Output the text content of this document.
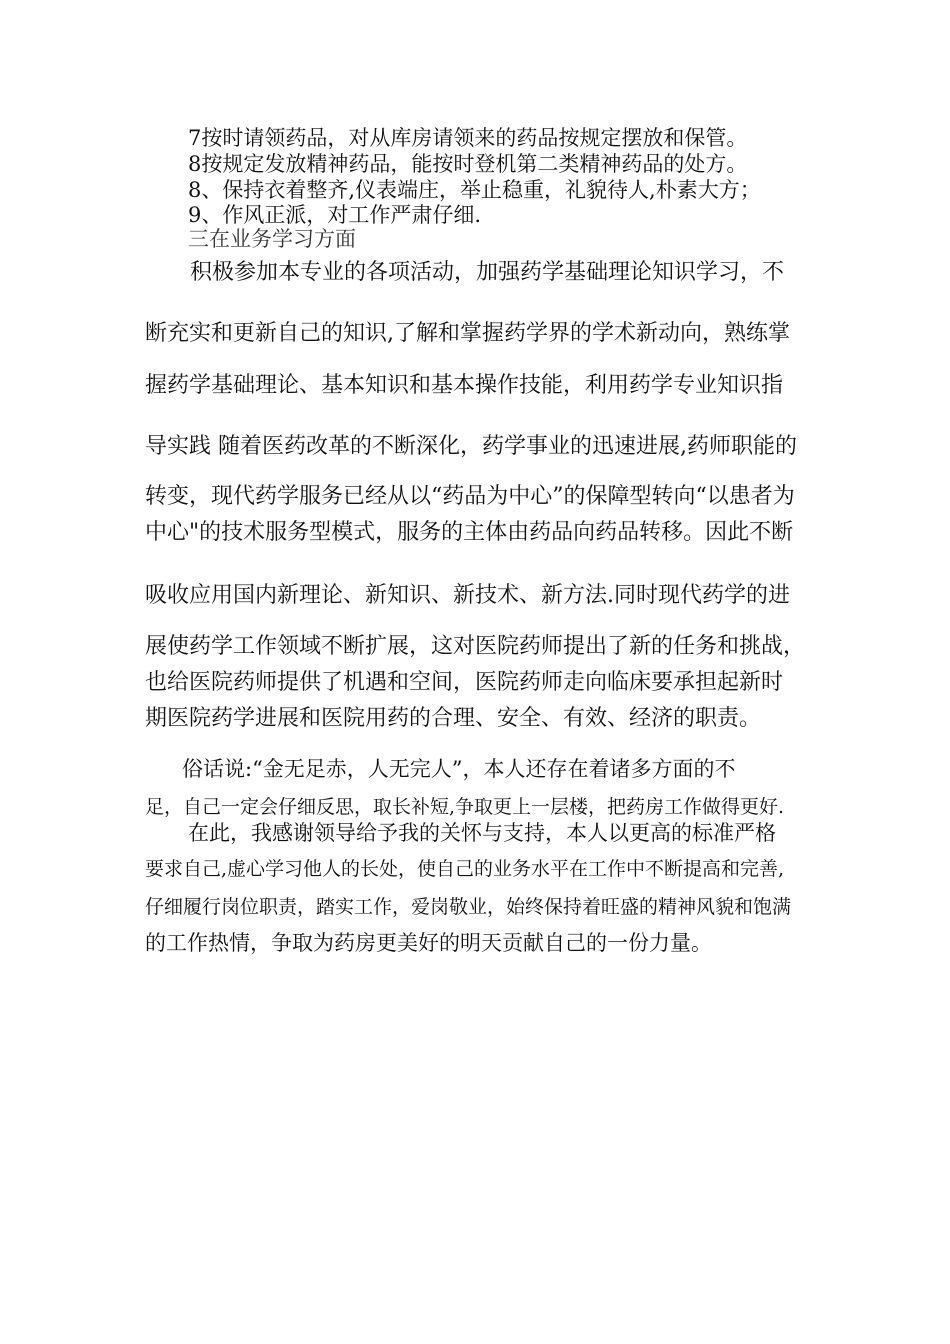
7按时请领药品，对从库房请领来的药品按规定摆放和保管。
8按规定发放精神药品，能按时登机第二类精神药品的处方。
8、保持衣着整齐,仪表端庄，举止稳重，礼貌待人,朴素大方；
9、作风正派，对工作严肃仔细.
三在业务学习方面
积极参加本专业的各项活动，加强药学基础理论知识学习，不
断充实和更新自己的知识,了解和掌握药学界的学术新动向，熟练掌
握药学基础理论、基本知识和基本操作技能，利用药学专业知识指
导实践 随着医药改革的不断深化，药学事业的迅速进展,药师职能的
转变，现代药学服务已经从以“药品为中心”的保障型转向“以患者为
中心"的技术服务型模式，服务的主体由药品向药品转移。因此不断
吸收应用国内新理论、新知识、新技术、新方法.同时现代药学的进
展使药学工作领域不断扩展，这对医院药师提出了新的任务和挑战，
也给医院药师提供了机遇和空间，医院药师走向临床要承担起新时
期医院药学进展和医院用药的合理、安全、有效、经济的职责。
俗话说:“金无足赤，人无完人”，本人还存在着诸多方面的不
足，自己一定会仔细反思，取长补短,争取更上一层楼，把药房工作做得更好.
在此，我感谢领导给予我的关怀与支持，本人以更高的标准严格
要求自己,虚心学习他人的长处，使自己的业务水平在工作中不断提高和完善,
仔细履行岗位职责，踏实工作，爱岗敬业，始终保持着旺盛的精神风貌和饱满
的工作热情，争取为药房更美好的明天贡献自己的一份力量。
